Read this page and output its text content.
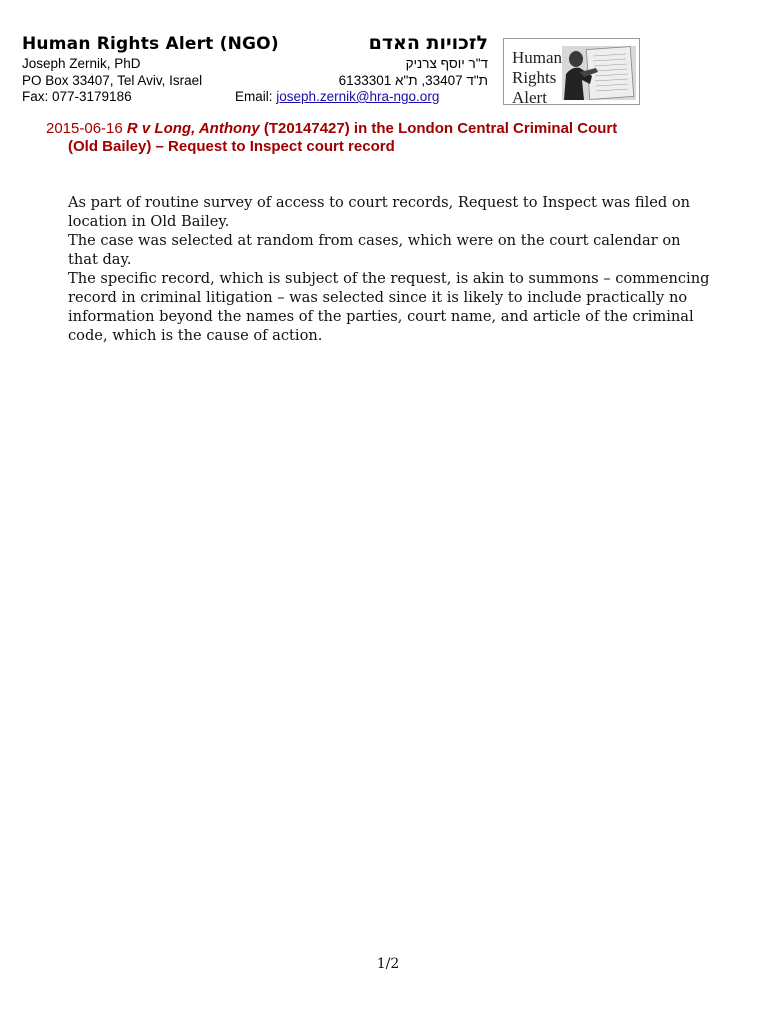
Human Rights Alert (NGO)	לזכויות האדם
Joseph Zernik, PhD	ד"ר יוסף צרניק
PO Box 33407, Tel Aviv, Israel	ת"ד 33407, ת"א 6133301
Fax: 077-3179186	Email: joseph.zernik@hra-ngo.org
Human
Rights
Alert
2015-06-16 R v Long, Anthony (T20147427) in the London Central Criminal Court
(Old Bailey) – Request to Inspect court record

As part of routine survey of access to court records, Request to Inspect was filed on location in Old Bailey.

The case was selected at random from cases, which were on the court calendar on that day.

The specific record, which is subject of the request, is akin to summons – commencing record in criminal litigation – was selected since it is likely to include practically no information beyond the names of the parties, court name, and article of the criminal code, which is the cause of action.

1/2
